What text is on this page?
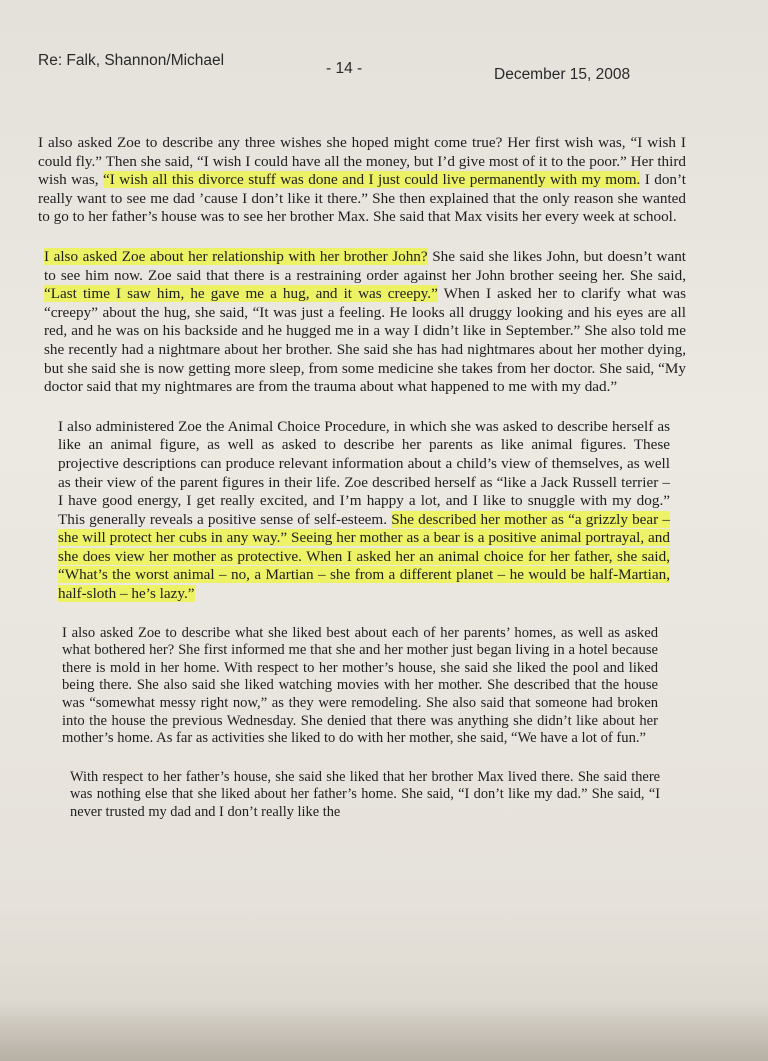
Re: Falk, Shannon/Michael	- 14 -	December 15, 2008

I also asked Zoe to describe any three wishes she hoped might come true? Her first wish was, “I wish I could fly.” Then she said, “I wish I could have all the money, but I’d give most of it to the poor.” Her third wish was, “I wish all this divorce stuff was done and I just could live permanently with my mom. I don’t really want to see me dad ’cause I don’t like it there.” She then explained that the only reason she wanted to go to her father’s house was to see her brother Max. She said that Max visits her every week at school.

I also asked Zoe about her relationship with her brother John? She said she likes John, but doesn’t want to see him now. Zoe said that there is a restraining order against her John brother seeing her. She said, “Last time I saw him, he gave me a hug, and it was creepy.” When I asked her to clarify what was “creepy” about the hug, she said, “It was just a feeling. He looks all druggy looking and his eyes are all red, and he was on his backside and he hugged me in a way I didn’t like in September.” She also told me she recently had a nightmare about her brother. She said she has had nightmares about her mother dying, but she said she is now getting more sleep, from some medicine she takes from her doctor. She said, “My doctor said that my nightmares are from the trauma about what happened to me with my dad.”

I also administered Zoe the Animal Choice Procedure, in which she was asked to describe herself as like an animal figure, as well as asked to describe her parents as like animal figures. These projective descriptions can produce relevant information about a child’s view of themselves, as well as their view of the parent figures in their life. Zoe described herself as “like a Jack Russell terrier – I have good energy, I get really excited, and I’m happy a lot, and I like to snuggle with my dog.” This generally reveals a positive sense of self-esteem. She described her mother as “a grizzly bear – she will protect her cubs in any way.” Seeing her mother as a bear is a positive animal portrayal, and she does view her mother as protective. When I asked her an animal choice for her father, she said, “What’s the worst animal – no, a Martian – she from a different planet – he would be half-Martian, half-sloth – he’s lazy.”

I also asked Zoe to describe what she liked best about each of her parents’ homes, as well as asked what bothered her? She first informed me that she and her mother just began living in a hotel because there is mold in her home. With respect to her mother’s house, she said she liked the pool and liked being there. She also said she liked watching movies with her mother. She described that the house was “somewhat messy right now,” as they were remodeling. She also said that someone had broken into the house the previous Wednesday. She denied that there was anything she didn’t like about her mother’s home. As far as activities she liked to do with her mother, she said, “We have a lot of fun.”

With respect to her father’s house, she said she liked that her brother Max lived there. She said there was nothing else that she liked about her father’s home. She said, “I don’t like my dad.” She said, “I never trusted my dad and I don’t really like the
